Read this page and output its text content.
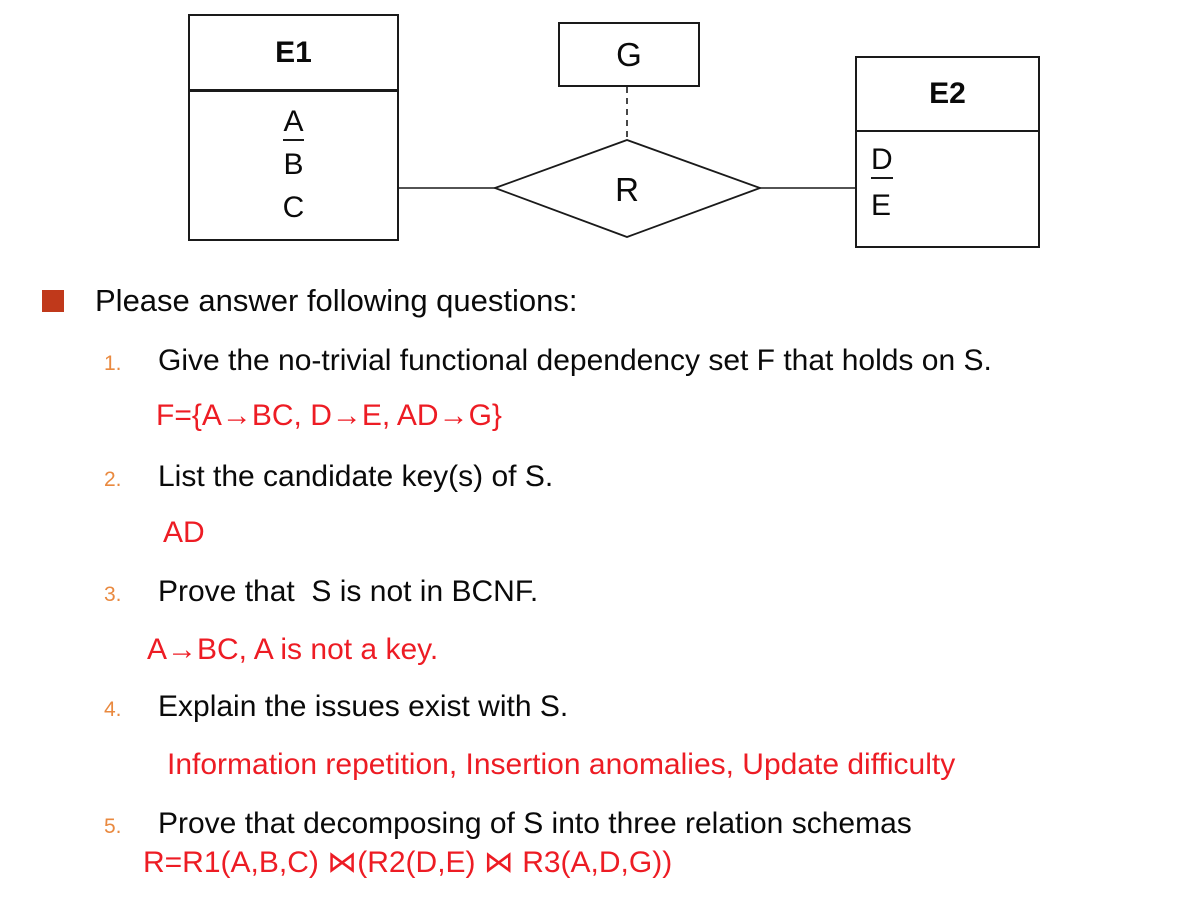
E1
A
B
C
G
E2
D
E
R
Please answer following questions:
1. Give the no-trivial functional dependency set F that holds on S.
F={A→BC, D→E, AD→G}
2. List the candidate key(s) of S.
AD
3. Prove that  S is not in BCNF.
A→BC, A is not a key.
4. Explain the issues exist with S.
Information repetition, Insertion anomalies, Update difficulty
5. Prove that decomposing of S into three relation schemas
R=R1(A,B,C) ⋈(R2(D,E) ⋈ R3(A,D,G))
